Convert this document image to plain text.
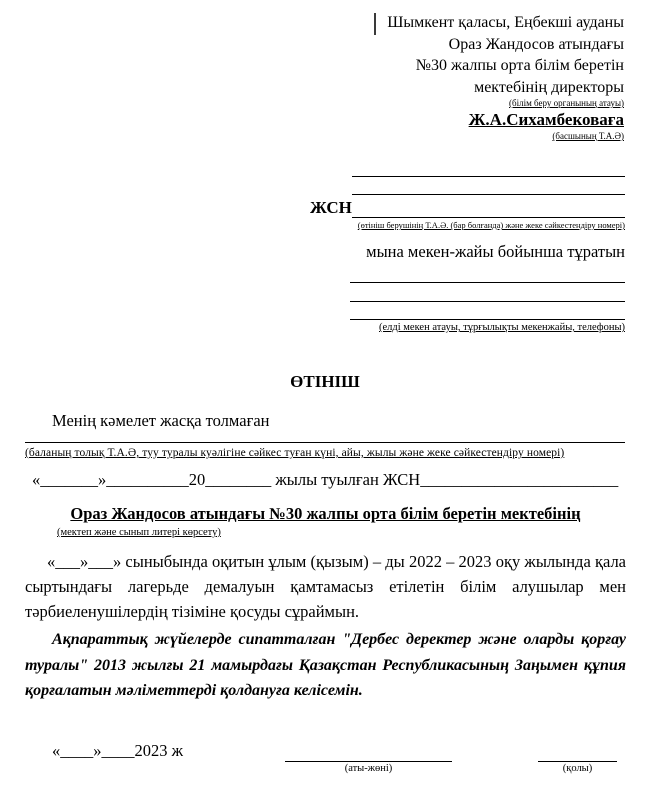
Шымкент қаласы, Еңбекші ауданы
Ораз Жандосов атындағы
№30 жалпы орта білім беретін
мектебінің директоры
(білім беру органының атауы)
Ж.А.Сихамбековаға
(басшының Т.А.Ә)
ЖСН
(өтініш берушінің Т.А.Ә. (бар болғанда) және жеке сәйкестендіру номері)
мына мекен-жайы бойынша тұратын
(елді мекен атауы, тұрғылықты мекенжайы, телефоны)
ӨТІНІШ
Менің кәмелет жасқа толмаған
(баланың толық Т.А.Ә, туу туралы куәлігіне сәйкес туған күні, айы, жылы және жеке сәйкестендіру номері)
«_______»__________20________ жылы туылған ЖСН________________________
Ораз Жандосов атындағы №30 жалпы орта білім беретін мектебінің
(мектеп және сынып литері көрсету)
«___»___» сыныбында оқитын ұлым (қызым) – ды 2022 – 2023 оқу жылында қала сыртындағы лагерьде демалуын қамтамасыз етілетін білім алушылар мен тәрбиеленушілердің тізіміне қосуды сұраймын.
Ақпараттық жүйелерде сипатталған "Дербес деректер және оларды қорғау туралы" 2013 жылғы 21 мамырдағы Қазақстан Республикасының Заңымен құпия қорғалатын мәліметтерді қолдануға келісемін.
«____»____2023 ж
(аты-жөні)	(қолы)
